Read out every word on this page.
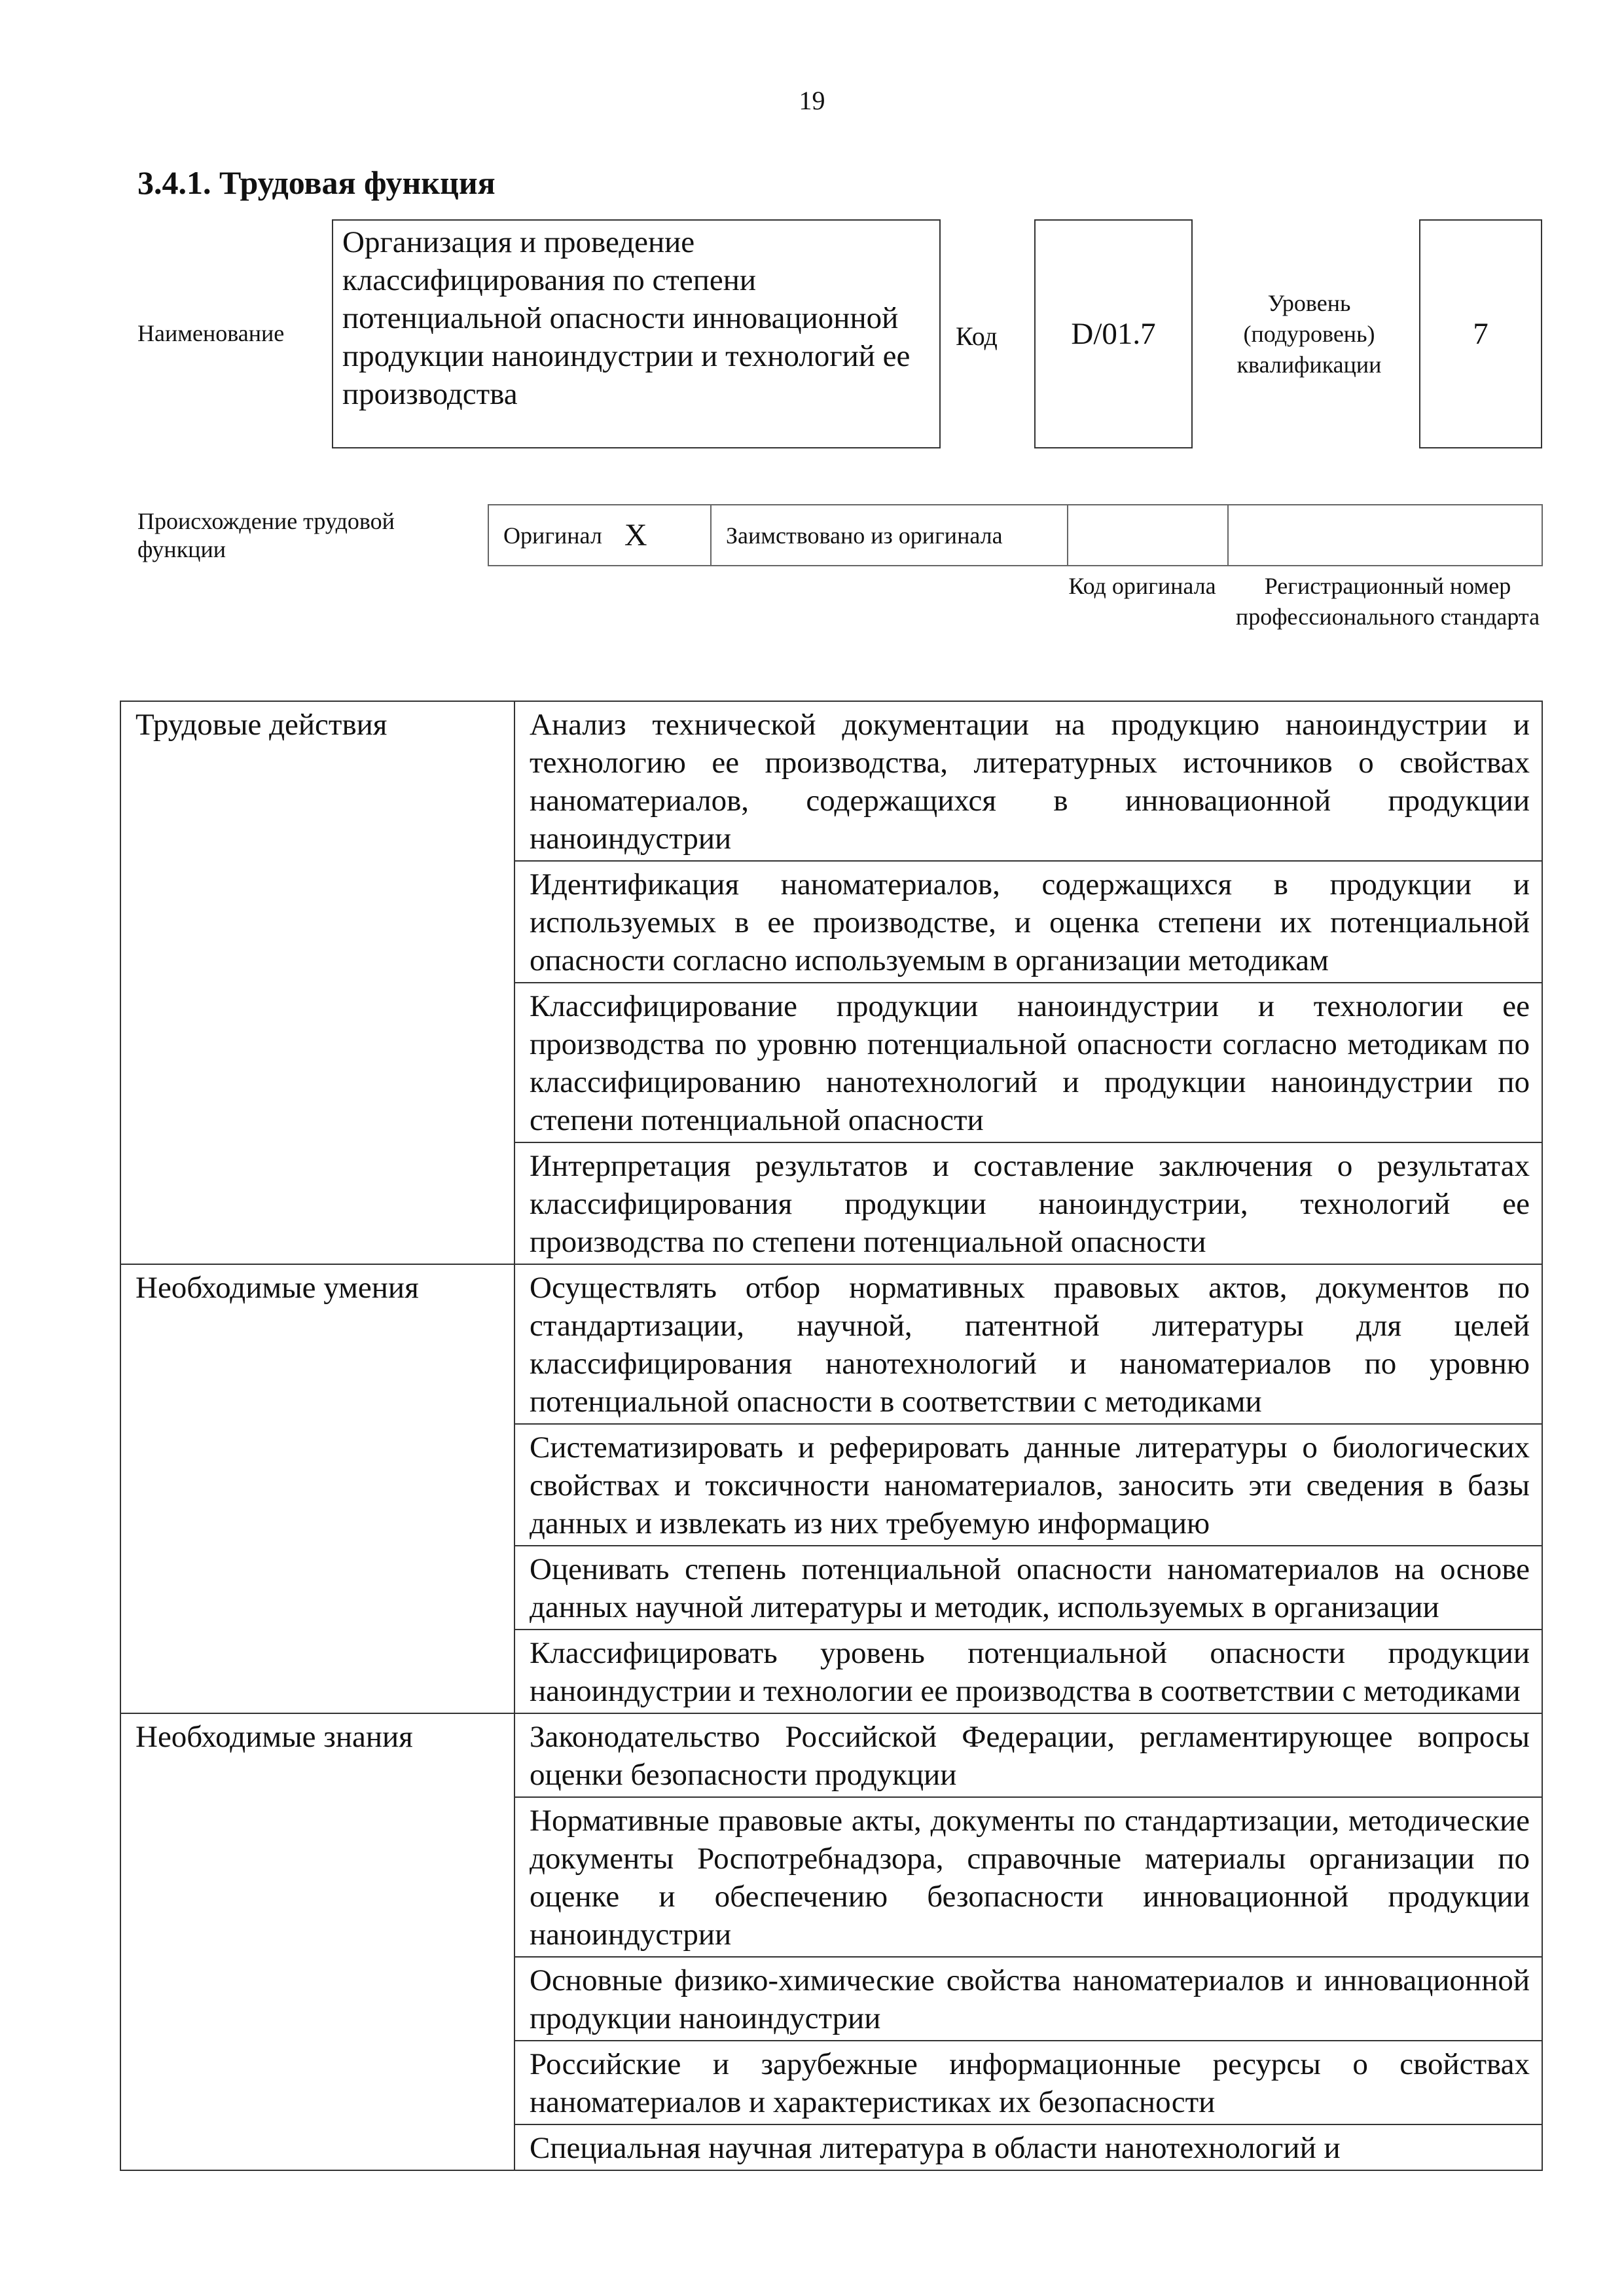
19
3.4.1. Трудовая функция
Наименование
Организация и проведение классифицирования по степени потенциальной опасности инновационной продукции наноиндустрии и технологий ее производства
Код	D/01.7
Уровень (подуровень) квалификации
7
Происхождение трудовой функции
Оригинал X	Заимствовано из оригинала
Код оригинала	Регистрационный номер профессионального стандарта
Трудовые действия	Анализ технической документации на продукцию наноиндустрии и технологию ее производства, литературных источников о свойствах наноматериалов, содержащихся в инновационной продукции наноиндустрии
	Идентификация наноматериалов, содержащихся в продукции и используемых в ее производстве, и оценка степени их потенциальной опасности согласно используемым в организации методикам
	Классифицирование продукции наноиндустрии и технологии ее производства по уровню потенциальной опасности согласно методикам по классифицированию нанотехнологий и продукции наноиндустрии по степени потенциальной опасности
	Интерпретация результатов и составление заключения о результатах классифицирования продукции наноиндустрии, технологий ее производства по степени потенциальной опасности
Необходимые умения	Осуществлять отбор нормативных правовых актов, документов по стандартизации, научной, патентной литературы для целей классифицирования нанотехнологий и наноматериалов по уровню потенциальной опасности в соответствии с методиками
	Систематизировать и реферировать данные литературы о биологических свойствах и токсичности наноматериалов, заносить эти сведения в базы данных и извлекать из них требуемую информацию
	Оценивать степень потенциальной опасности наноматериалов на основе данных научной литературы и методик, используемых в организации
	Классифицировать уровень потенциальной опасности продукции наноиндустрии и технологии ее производства в соответствии с методиками
Необходимые знания	Законодательство Российской Федерации, регламентирующее вопросы оценки безопасности продукции
	Нормативные правовые акты, документы по стандартизации, методические документы Роспотребнадзора, справочные материалы организации по оценке и обеспечению безопасности инновационной продукции наноиндустрии
	Основные физико-химические свойства наноматериалов и инновационной продукции наноиндустрии
	Российские и зарубежные информационные ресурсы о свойствах наноматериалов и характеристиках их безопасности
	Специальная научная литература в области нанотехнологий и
